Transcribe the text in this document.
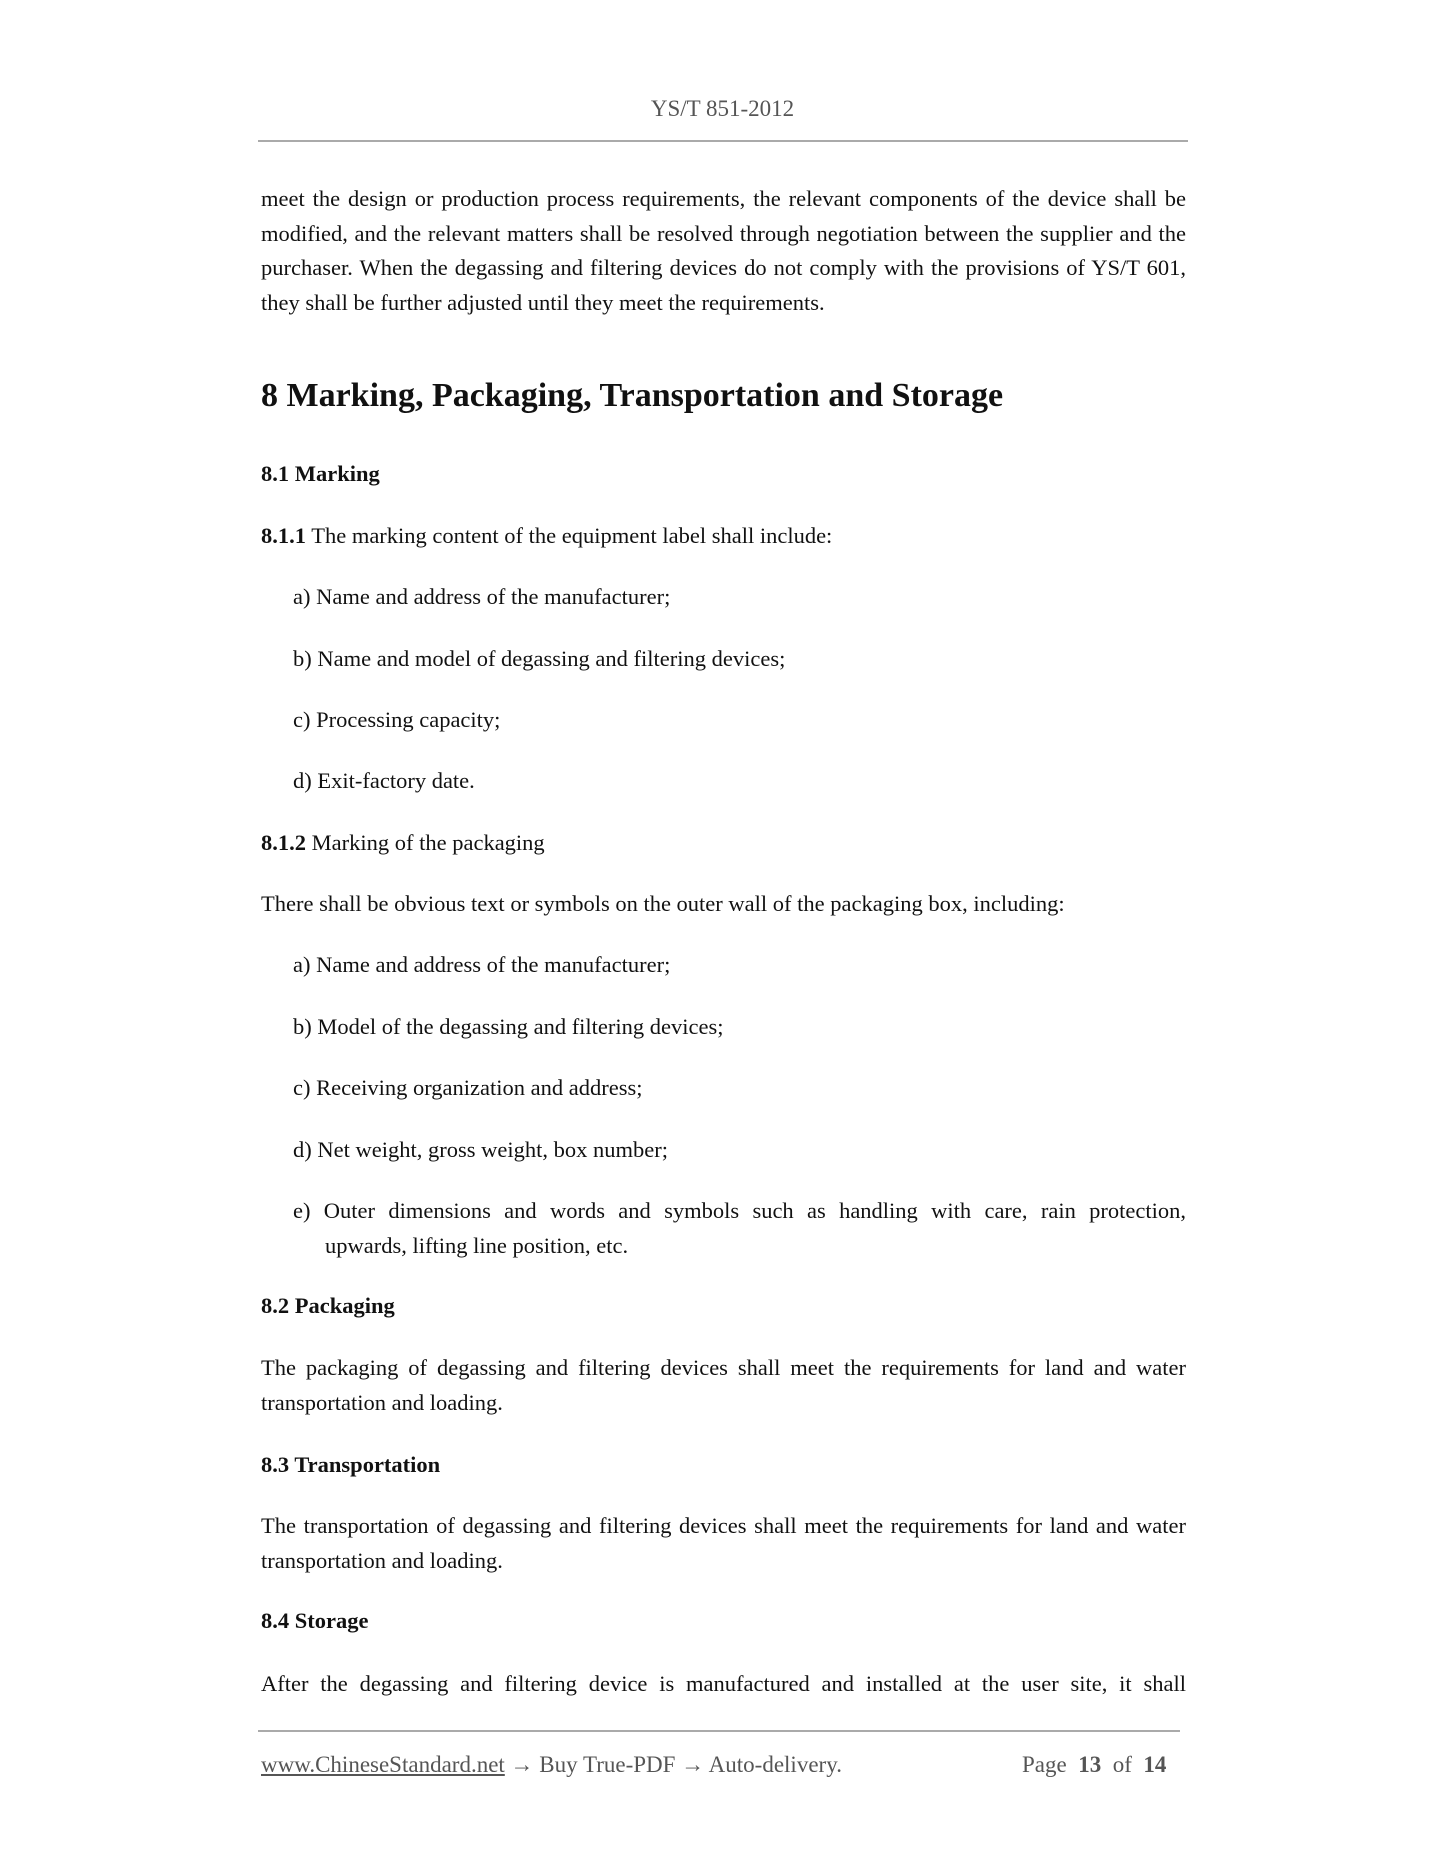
YS/T 851-2012
meet the design or production process requirements, the relevant components of the device shall be modified, and the relevant matters shall be resolved through negotiation between the supplier and the purchaser. When the degassing and filtering devices do not comply with the provisions of YS/T 601, they shall be further adjusted until they meet the requirements.
8 Marking, Packaging, Transportation and Storage
8.1 Marking
8.1.1 The marking content of the equipment label shall include:
a) Name and address of the manufacturer;
b) Name and model of degassing and filtering devices;
c) Processing capacity;
d) Exit-factory date.
8.1.2 Marking of the packaging
There shall be obvious text or symbols on the outer wall of the packaging box, including:
a) Name and address of the manufacturer;
b) Model of the degassing and filtering devices;
c) Receiving organization and address;
d) Net weight, gross weight, box number;
e) Outer dimensions and words and symbols such as handling with care, rain protection,
upwards, lifting line position, etc.
8.2 Packaging
The packaging of degassing and filtering devices shall meet the requirements for land and water transportation and loading.
8.3 Transportation
The transportation of degassing and filtering devices shall meet the requirements for land and water transportation and loading.
8.4 Storage
After the degassing and filtering device is manufactured and installed at the user site, it shall
www.ChineseStandard.net → Buy True-PDF → Auto-delivery.	Page 13 of 14
